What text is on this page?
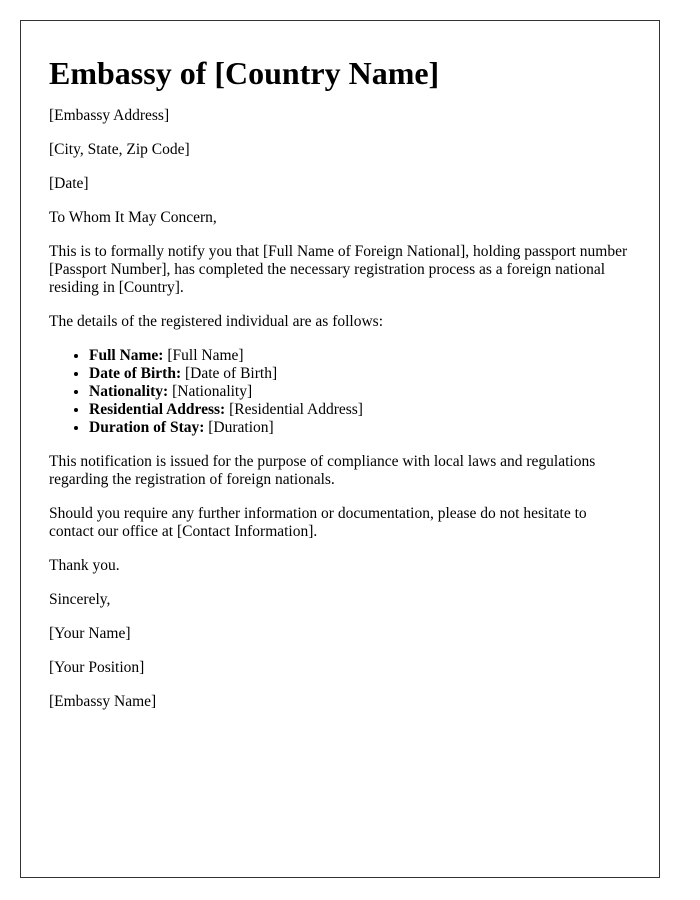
Embassy of [Country Name]

[Embassy Address]

[City, State, Zip Code]

[Date]

To Whom It May Concern,

This is to formally notify you that [Full Name of Foreign National], holding passport number [Passport Number], has completed the necessary registration process as a foreign national residing in [Country].

The details of the registered individual are as follows:

• Full Name: [Full Name]
• Date of Birth: [Date of Birth]
• Nationality: [Nationality]
• Residential Address: [Residential Address]
• Duration of Stay: [Duration]

This notification is issued for the purpose of compliance with local laws and regulations regarding the registration of foreign nationals.

Should you require any further information or documentation, please do not hesitate to contact our office at [Contact Information].

Thank you.

Sincerely,

[Your Name]

[Your Position]

[Embassy Name]
